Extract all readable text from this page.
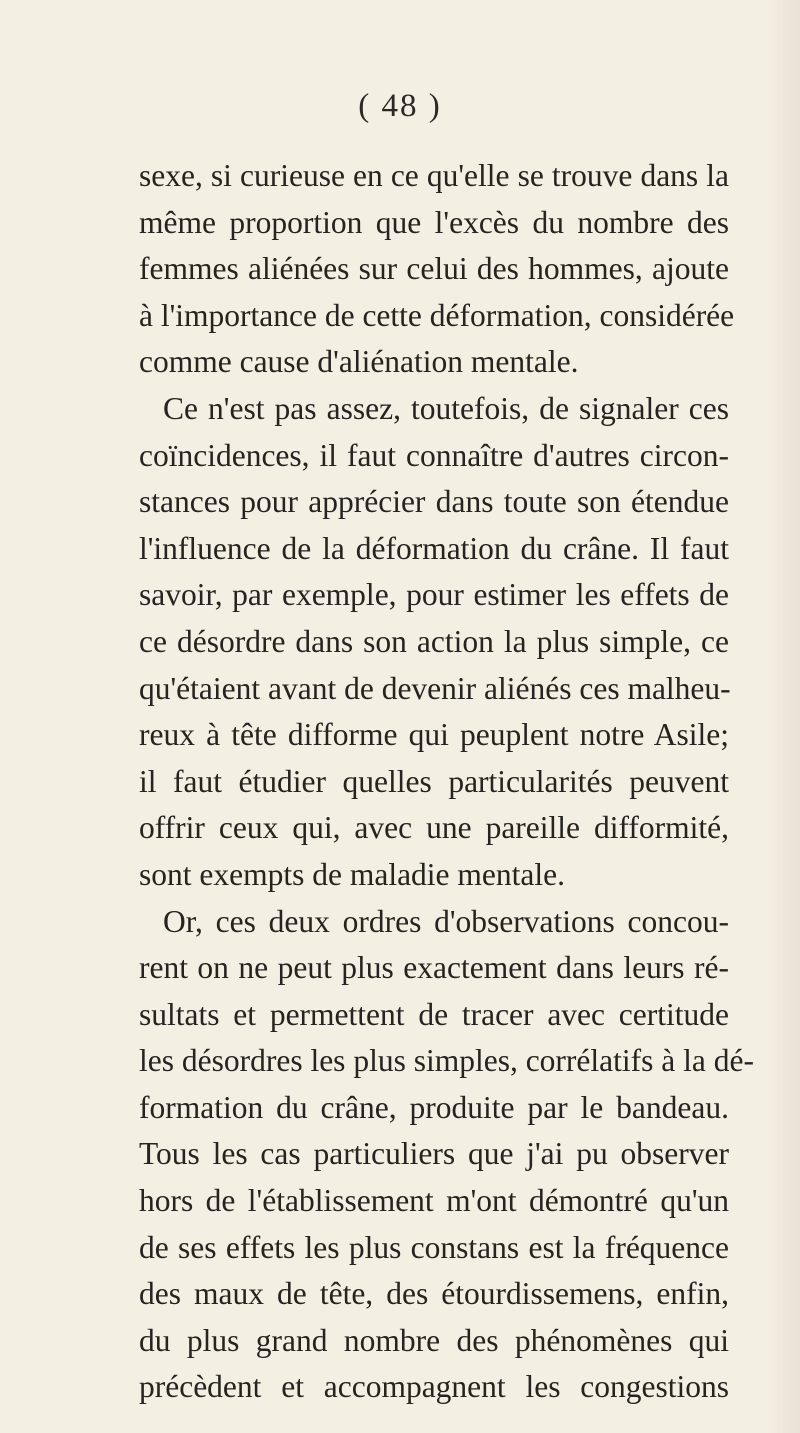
( 48 )
sexe, si curieuse en ce qu'elle se trouve dans la
même proportion que l'excès du nombre des
femmes aliénées sur celui des hommes, ajoute
à l'importance de cette déformation, considérée
comme cause d'aliénation mentale.
Ce n'est pas assez, toutefois, de signaler ces
coïncidences, il faut connaître d'autres circon-
stances pour apprécier dans toute son étendue
l'influence de la déformation du crâne. Il faut
savoir, par exemple, pour estimer les effets de
ce désordre dans son action la plus simple, ce
qu'étaient avant de devenir aliénés ces malheu-
reux à tête difforme qui peuplent notre Asile;
il faut étudier quelles particularités peuvent
offrir ceux qui, avec une pareille difformité,
sont exempts de maladie mentale.
Or, ces deux ordres d'observations concou-
rent on ne peut plus exactement dans leurs ré-
sultats et permettent de tracer avec certitude
les désordres les plus simples, corrélatifs à la dé-
formation du crâne, produite par le bandeau.
Tous les cas particuliers que j'ai pu observer
hors de l'établissement m'ont démontré qu'un
de ses effets les plus constans est la fréquence
des maux de tête, des étourdissemens, enfin,
du plus grand nombre des phénomènes qui
précèdent et accompagnent les congestions
